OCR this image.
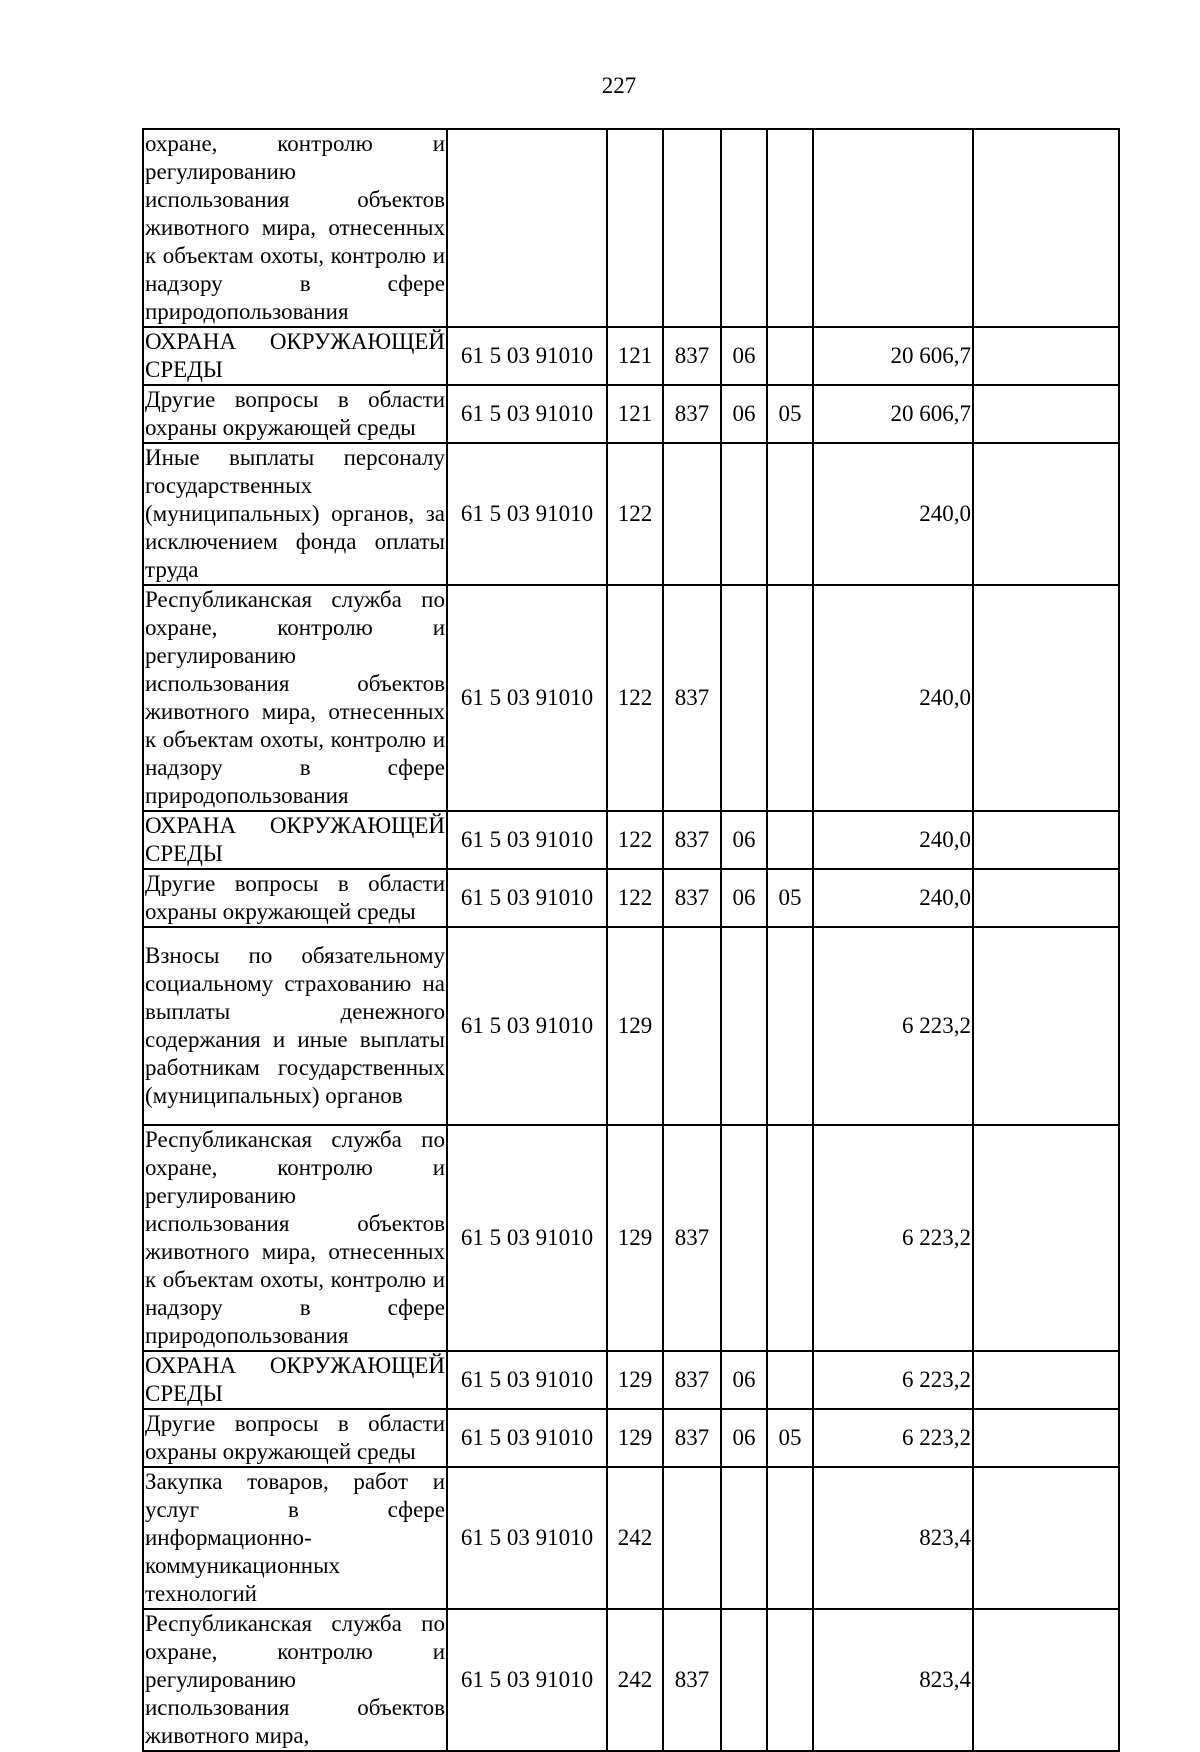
227
охране, контролю и регулированию использования объектов животного мира, отнесенных к объектам охоты, контролю и надзору в сфере природопользования							
ОХРАНА ОКРУЖАЮЩЕЙ СРЕДЫ	61 5 03 91010	121	837	06		20 606,7	
Другие вопросы в области охраны окружающей среды	61 5 03 91010	121	837	06	05	20 606,7	
Иные выплаты персоналу государственных (муниципальных) органов, за исключением фонда оплаты труда	61 5 03 91010	122				240,0	
Республиканская служба по охране, контролю и регулированию использования объектов животного мира, отнесенных к объектам охоты, контролю и надзору в сфере природопользования	61 5 03 91010	122	837			240,0	
ОХРАНА ОКРУЖАЮЩЕЙ СРЕДЫ	61 5 03 91010	122	837	06		240,0	
Другие вопросы в области охраны окружающей среды	61 5 03 91010	122	837	06	05	240,0	
Взносы по обязательному социальному страхованию на выплаты денежного содержания и иные выплаты работникам государственных (муниципальных) органов	61 5 03 91010	129				6 223,2	
Республиканская служба по охране, контролю и регулированию использования объектов животного мира, отнесенных к объектам охоты, контролю и надзору в сфере природопользования	61 5 03 91010	129	837			6 223,2	
ОХРАНА ОКРУЖАЮЩЕЙ СРЕДЫ	61 5 03 91010	129	837	06		6 223,2	
Другие вопросы в области охраны окружающей среды	61 5 03 91010	129	837	06	05	6 223,2	
Закупка товаров, работ и услуг в сфере информационно-коммуникационных технологий	61 5 03 91010	242				823,4	
Республиканская служба по охране, контролю и регулированию использования объектов животного мира,	61 5 03 91010	242	837			823,4	
